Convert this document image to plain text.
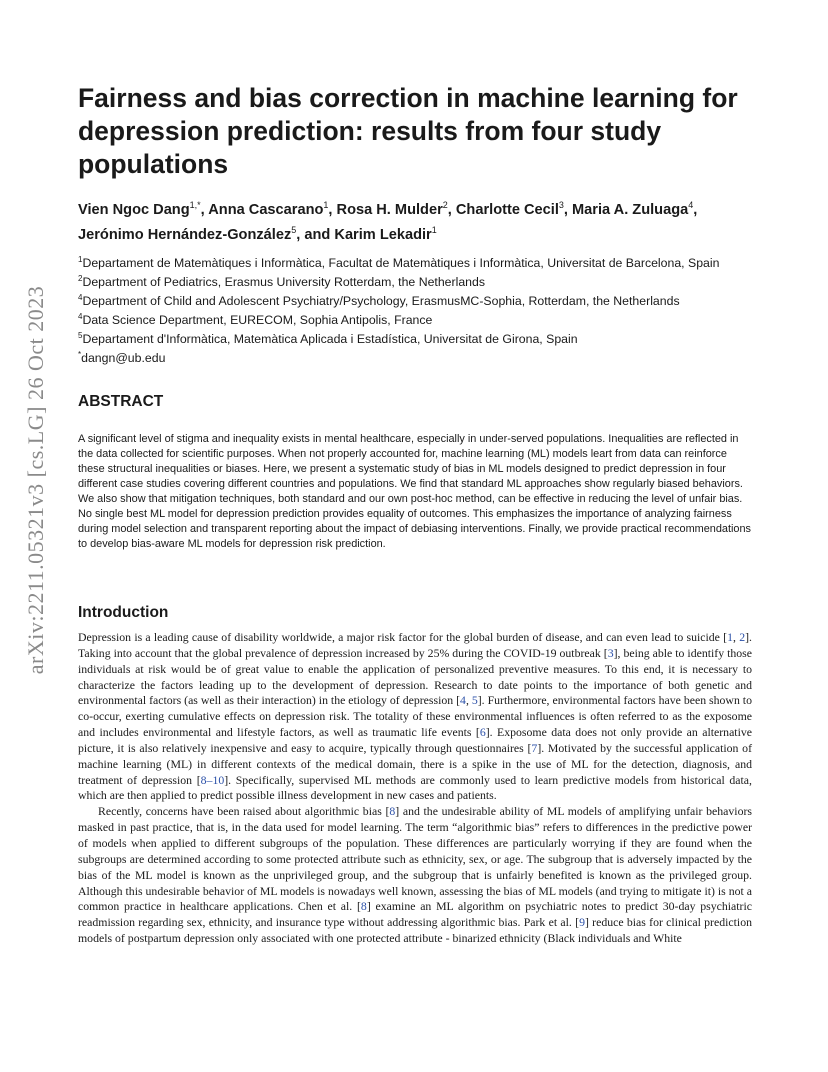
arXiv:2211.05321v3 [cs.LG] 26 Oct 2023
Fairness and bias correction in machine learning for depression prediction: results from four study populations
Vien Ngoc Dang$^{1,*}$, Anna Cascarano$^1$, Rosa H. Mulder$^2$, Charlotte Cecil$^3$, Maria A. Zuluaga$^4$, Jerónimo Hernández-González$^5$, and Karim Lekadir$^1$
$^1$Departament de Matemàtiques i Informàtica, Facultat de Matemàtiques i Informàtica, Universitat de Barcelona, Spain
$^2$Department of Pediatrics, Erasmus University Rotterdam, the Netherlands
$^4$Department of Child and Adolescent Psychiatry/Psychology, ErasmusMC-Sophia, Rotterdam, the Netherlands
$^4$Data Science Department, EURECOM, Sophia Antipolis, France
$^5$Departament d'Informàtica, Matemàtica Aplicada i Estadística, Universitat de Girona, Spain
*dangn@ub.edu
ABSTRACT

A significant level of stigma and inequality exists in mental healthcare, especially in under-served populations. Inequalities are reflected in the data collected for scientific purposes. When not properly accounted for, machine learning (ML) models leart from data can reinforce these structural inequalities or biases. Here, we present a systematic study of bias in ML models designed to predict depression in four different case studies covering different countries and populations. We find that standard ML approaches show regularly biased behaviors. We also show that mitigation techniques, both standard and our own post-hoc method, can be effective in reducing the level of unfair bias. No single best ML model for depression prediction provides equality of outcomes. This emphasizes the importance of analyzing fairness during model selection and transparent reporting about the impact of debiasing interventions. Finally, we provide practical recommendations to develop bias-aware ML models for depression risk prediction.

Introduction

Depression is a leading cause of disability worldwide, a major risk factor for the global burden of disease, and can even lead to suicide [1, 2]. Taking into account that the global prevalence of depression increased by 25% during the COVID-19 outbreak [3], being able to identify those individuals at risk would be of great value to enable the application of personalized preventive measures. To this end, it is necessary to characterize the factors leading up to the development of depression. Research to date points to the importance of both genetic and environmental factors (as well as their interaction) in the etiology of depression [4, 5]. Furthermore, environmental factors have been shown to co-occur, exerting cumulative effects on depression risk. The totality of these environmental influences is often referred to as the exposome and includes environmental and lifestyle factors, as well as traumatic life events [6]. Exposome data does not only provide an alternative picture, it is also relatively inexpensive and easy to acquire, typically through questionnaires [7]. Motivated by the successful application of machine learning (ML) in different contexts of the medical domain, there is a spike in the use of ML for the detection, diagnosis, and treatment of depression [8–10]. Specifically, supervised ML methods are commonly used to learn predictive models from historical data, which are then applied to predict possible illness development in new cases and patients.

Recently, concerns have been raised about algorithmic bias [8] and the undesirable ability of ML models of amplifying unfair behaviors masked in past practice, that is, in the data used for model learning. The term “algorithmic bias” refers to differences in the predictive power of models when applied to different subgroups of the population. These differences are particularly worrying if they are found when the subgroups are determined according to some protected attribute such as ethnicity, sex, or age. The subgroup that is adversely impacted by the bias of the ML model is known as the unprivileged group, and the subgroup that is unfairly benefited is known as the privileged group. Although this undesirable behavior of ML models is nowadays well known, assessing the bias of ML models (and trying to mitigate it) is not a common practice in healthcare applications. Chen et al. [8] examine an ML algorithm on psychiatric notes to predict 30-day psychiatric readmission regarding sex, ethnicity, and insurance type without addressing algorithmic bias. Park et al. [9] reduce bias for clinical prediction models of postpartum depression only associated with one protected attribute - binarized ethnicity (Black individuals and White
